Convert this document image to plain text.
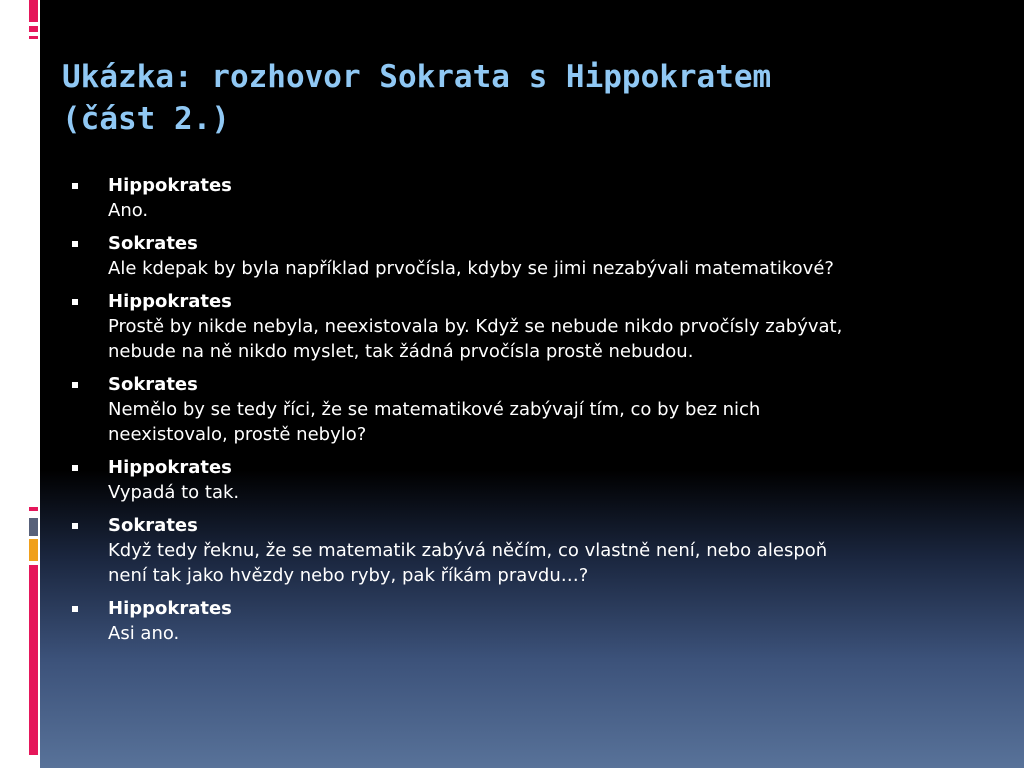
Ukázka: rozhovor Sokrata s Hippokratem
(část 2.)
Hippokrates
Ano.
Sokrates
Ale kdepak by byla například prvočísla, kdyby se jimi nezabývali matematikové?
Hippokrates
Prostě by nikde nebyla, neexistovala by. Když se nebude nikdo prvočísly zabývat,
nebude na ně nikdo myslet, tak žádná prvočísla prostě nebudou.
Sokrates
Nemělo by se tedy říci, že se matematikové zabývají tím, co by bez nich
neexistovalo, prostě nebylo?
Hippokrates
Vypadá to tak.
Sokrates
Když tedy řeknu, že se matematik zabývá něčím, co vlastně není, nebo alespoň
není tak jako hvězdy nebo ryby, pak říkám pravdu…?
Hippokrates
Asi ano.
